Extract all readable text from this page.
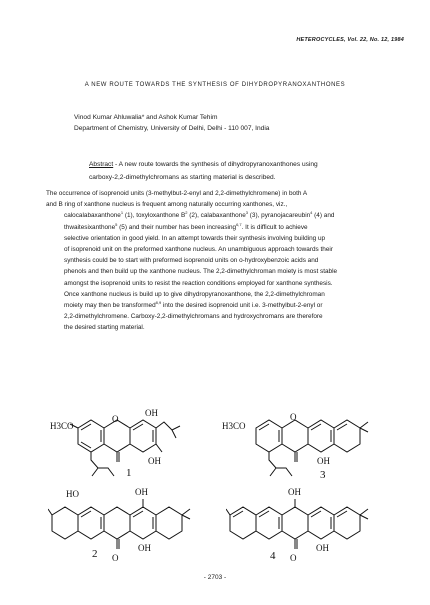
HETEROCYCLES, Vol. 22, No. 12, 1984
A NEW ROUTE TOWARDS THE SYNTHESIS OF DIHYDROPYRANOXANTHONES
Vinod Kumar Ahluwalia* and Ashok Kumar Tehim
Department of Chemistry, University of Delhi, Delhi - 110 007, India
Abstract - A new route towards the synthesis of dihydropyranoxanthones using
carboxy-2,2-dimethylchromans as starting material is described.
The occurrence of isoprenoid units (3-methylbut-2-enyl and 2,2-dimethylchromene) in both A
and B ring of xanthone nucleus is frequent among naturally occurring xanthones, viz.,
calocalabaxanthone$^1$ (1), toxyloxanthone $B^2$ (2), calabaxanthone$^3$ (3), pyranojacareubin$^4$ (4) and
thwaitesixanthone$^5$ (5) and their number has been increasing$^{6,7}$. It is difficult to achieve
selective orientation in good yield. In an attempt towards their synthesis involving building up
of isoprenoid unit on the preformed xanthone nucleus. An unambiguous approach towards their
synthesis could be to start with preformed isoprenoid units on o-hydroxybenzoic acids and
phenols and then build up the xanthone nucleus. The 2,2-dimethylchroman moiety is most stable
amongst the isoprenoid units to resist the reaction conditions employed for xanthone synthesis.
Once xanthone nucleus is build up to give dihydropyranoxanthone, the 2,2-dimethylchroman
moiety may then be transformed$^{8,9}$ into the desired isoprenoid unit i.e. 3-methylbut-2-enyl or
2,2-dimethylchromene. Carboxy-2,2-dimethylchromans and hydroxychromans are therefore
the desired starting material.
H3CO
OH
O
OH
1
H3CO
O
OH
3
HO	OH
O
OH
2
OH
O
OH
4
- 2703 -
